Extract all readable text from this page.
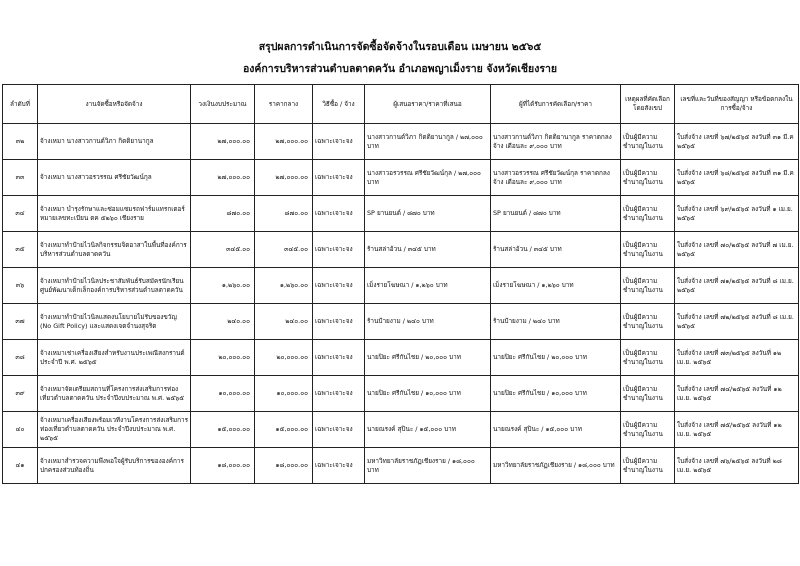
สรุปผลการดำเนินการจัดซื้อจัดจ้างในรอบเดือน เมษายน ๒๕๖๕
องค์การบริหารส่วนตำบลตาดควัน อำเภอพญาเม็งราย จังหวัดเชียงราย
ลำดับที่	งานจัดซื้อหรือจัดจ้าง	วงเงินงบประมาณ	ราคากลาง	วิธีซื้อ / จ้าง	ผู้เสนอราคา/ราคาที่เสนอ	ผู้ที่ได้รับการคัดเลือก/ราคา	เหตุผลที่คัดเลือก โดยสังเขป	เลขที่และวันที่ของสัญญา หรือข้อตกลงในการซื้อ/จ้าง
๓๒	จ้างเหมา นางสาวกานต์วิภา กิตติยานากูล	๒๗,๐๐๐.๐๐	๒๗,๐๐๐.๐๐	เฉพาะเจาะจง	นางสาวกานต์วิภา กิตติยานากูล / ๒๗,๐๐๐ บาท	นางสาวกานต์วิภา กิตติยานากูล ราคาตกลงจ้าง เดือนละ ๙,๐๐๐ บาท	เป็นผู้มีความชำนาญในงาน	ใบสั่งจ้าง เลขที่ ๖๗/๒๕๖๕ ลงวันที่ ๓๑ มี.ค ๒๕๖๕
๓๓	จ้างเหมา นางสาวอรวรรณ ศรีชัยวัฒน์กุล	๒๗,๐๐๐.๐๐	๒๗,๐๐๐.๐๐	เฉพาะเจาะจง	นางสาวอรวรรณ ศรีชัยวัฒน์กุล / ๒๗,๐๐๐ บาท	นางสาวอรวรรณ ศรีชัยวัฒน์กุล ราคาตกลงจ้าง เดือนละ ๙,๐๐๐ บาท	เป็นผู้มีความชำนาญในงาน	ใบสั่งจ้าง เลขที่ ๖๘/๒๕๖๕ ลงวันที่ ๓๑ มี.ค ๒๕๖๕
๓๔	จ้างเหมา บำรุงรักษาและซ่อมแซมรถฟาร์มแทรกเตอร์ หมายเลขทะเบียน ตค ๕๒๖๐ เชียงราย	๘๗๐.๐๐	๘๗๐.๐๐	เฉพาะเจาะจง	SP ยานยนต์ / ๘๗๐ บาท	SP ยานยนต์ / ๘๗๐ บาท	เป็นผู้มีความชำนาญในงาน	ใบสั่งจ้าง เลขที่ ๖๙/๒๕๖๕ ลงวันที่ ๑ เม.ย. ๒๕๖๕
๓๕	จ้างเหมาทำป้ายไวนิลกิจกรรมจิตอาสาในพื้นที่องค์การบริหารส่วนตำบลตาดควัน	๓๔๕.๐๐	๓๔๕.๐๐	เฉพาะเจาะจง	ร้านสล่าอ้วน / ๓๔๕ บาท	ร้านสล่าอ้วน / ๓๔๕ บาท	เป็นผู้มีความชำนาญในงาน	ใบสั่งจ้าง เลขที่ ๗๐/๒๕๖๕ ลงวันที่ ๗ เม.ย. ๒๕๖๕
๓๖	จ้างเหมาทำป้ายไวนิลประชาสัมพันธ์รับสมัครนักเรียน ศูนย์พัฒนาเด็กเล็กองค์การบริหารส่วนตำบลตาดควัน	๑,๒๖๐.๐๐	๑,๒๖๐.๐๐	เฉพาะเจาะจง	เม็งรายโฆษณา / ๑,๒๖๐ บาท	เม็งรายโฆษณา / ๑,๒๖๐ บาท	เป็นผู้มีความชำนาญในงาน	ใบสั่งจ้าง เลขที่ ๗๑/๒๕๖๕ ลงวันที่ ๘ เม.ย. ๒๕๖๕
๓๗	จ้างเหมาทำป้ายไวนิลแสดงนโยบายไม่รับของขวัญ (No Gift Policy) และแสดงเจตจำนงสุจริต	๒๔๐.๐๐	๒๔๐.๐๐	เฉพาะเจาะจง	ร้านป้ายงาม / ๒๔๐ บาท	ร้านป้ายงาม / ๒๔๐ บาท	เป็นผู้มีความชำนาญในงาน	ใบสั่งจ้าง เลขที่ ๗๒/๒๕๖๕ ลงวันที่ ๘ เม.ย. ๒๕๖๕
๓๘	จ้างเหมาเช่าเครื่องเสียงสำหรับงานประเพณีสงกรานต์ ประจำปี พ.ศ. ๒๕๖๕	๒๐,๐๐๐.๐๐	๒๐,๐๐๐.๐๐	เฉพาะเจาะจง	นายปิยะ ศรีกันไชย / ๒๐,๐๐๐ บาท	นายปิยะ ศรีกันไชย / ๒๐,๐๐๐ บาท	เป็นผู้มีความชำนาญในงาน	ใบสั่งจ้าง เลขที่ ๗๓/๒๕๖๕ ลงวันที่ ๑๒ เม.ย. ๒๕๖๕
๓๙	จ้างเหมาจัดเตรียมสถานที่โครงการส่งเสริมการท่องเที่ยวตำบลตาดควัน ประจำปีงบประมาณ พ.ศ. ๒๕๖๕	๑๐,๐๐๐.๐๐	๑๐,๐๐๐.๐๐	เฉพาะเจาะจง	นายปิยะ ศรีกันไชย / ๑๐,๐๐๐ บาท	นายปิยะ ศรีกันไชย / ๑๐,๐๐๐ บาท	เป็นผู้มีความชำนาญในงาน	ใบสั่งจ้าง เลขที่ ๗๔/๒๕๖๕ ลงวันที่ ๑๒ เม.ย. ๒๕๖๕
๔๐	จ้างเหมาเครื่องเสียงพร้อมเวทีงานโครงการส่งเสริมการท่องเที่ยวตำบลตาดควัน ประจำปีงบประมาณ พ.ศ. ๒๕๖๕	๑๕,๐๐๐.๐๐	๑๕,๐๐๐.๐๐	เฉพาะเจาะจง	นายณรงค์ สุปินะ / ๑๕,๐๐๐ บาท	นายณรงค์ สุปินะ / ๑๕,๐๐๐ บาท	เป็นผู้มีความชำนาญในงาน	ใบสั่งจ้าง เลขที่ ๗๕/๒๕๖๕ ลงวันที่ ๑๒ เม.ย. ๒๕๖๕
๔๑	จ้างเหมาสำรวจความพึงพอใจผู้รับบริการขององค์การปกครองส่วนท้องถิ่น	๑๘,๐๐๐.๐๐	๑๘,๐๐๐.๐๐	เฉพาะเจาะจง	มหาวิทยาลัยราชภัฏเชียงราย / ๑๘,๐๐๐ บาท	มหาวิทยาลัยราชภัฏเชียงราย / ๑๘,๐๐๐ บาท	เป็นผู้มีความชำนาญในงาน	ใบสั่งจ้าง เลขที่ ๗๖/๒๕๖๕ ลงวันที่ ๒๘ เม.ย. ๒๕๖๕
